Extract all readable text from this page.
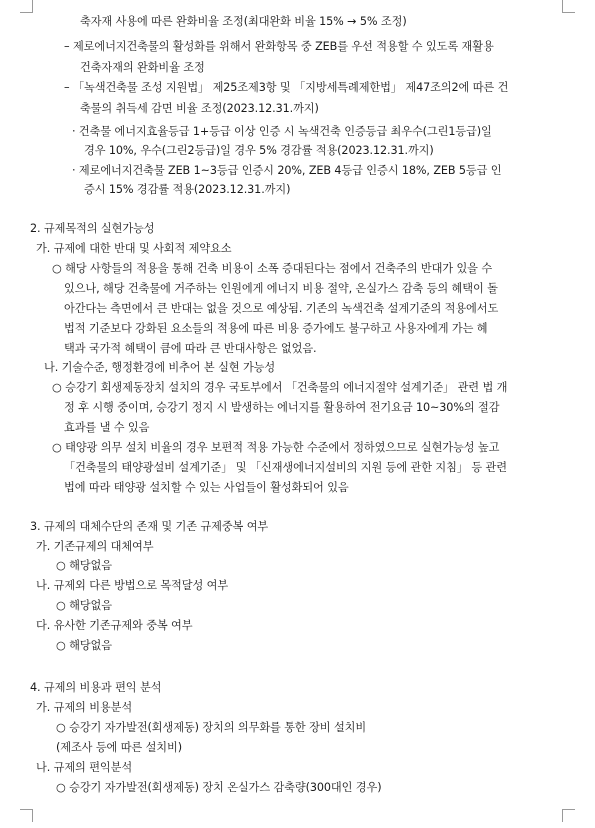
축자재 사용에 따른 완화비율 조정(최대완화 비율 15% → 5% 조정)
– 제로에너지건축물의 활성화를 위해서 완화항목 중 ZEB를 우선 적용할 수 있도록 재활용
건축자재의 완화비율 조정
– 「녹색건축물 조성 지원법」 제25조제3항 및 「지방세특례제한법」 제47조의2에 따른 건
축물의 취득세 감면 비율 조정(2023.12.31.까지)
· 건축물 에너지효율등급 1+등급 이상 인증 시 녹색건축 인증등급 최우수(그린1등급)일
경우 10%, 우수(그린2등급)일 경우 5% 경감률 적용(2023.12.31.까지)
· 제로에너지건축물 ZEB 1~3등급 인증시 20%, ZEB 4등급 인증시 18%, ZEB 5등급 인
증시 15% 경감률 적용(2023.12.31.까지)
2. 규제목적의 실현가능성
가. 규제에 대한 반대 및 사회적 제약요소
○ 해당 사항들의 적용을 통해 건축 비용이 소폭 증대된다는 점에서 건축주의 반대가 있을 수
있으나, 해당 건축물에 거주하는 인원에게 에너지 비용 절약, 온실가스 감축 등의 혜택이 돌
아간다는 측면에서 큰 반대는 없을 것으로 예상됨. 기존의 녹색건축 설계기준의 적용에서도
법적 기준보다 강화된 요소들의 적용에 따른 비용 증가에도 불구하고 사용자에게 가는 혜
택과 국가적 혜택이 큼에 따라 큰 반대사항은 없었음.
나. 기술수준, 행정환경에 비추어 본 실현 가능성
○ 승강기 회생제동장치 설치의 경우 국토부에서 「건축물의 에너지절약 설계기준」 관련 법 개
정 후 시행 중이며, 승강기 정지 시 발생하는 에너지를 활용하여 전기요금 10~30%의 절감
효과를 낼 수 있음
○ 태양광 의무 설치 비율의 경우 보편적 적용 가능한 수준에서 정하였으므로 실현가능성 높고
「건축물의 태양광설비 설계기준」 및 「신재생에너지설비의 지원 등에 관한 지침」 등 관련
법에 따라 태양광 설치할 수 있는 사업들이 활성화되어 있음
3. 규제의 대체수단의 존재 및 기존 규제중복 여부
가. 기존규제의 대체여부
○ 해당없음
나. 규제외 다른 방법으로 목적달성 여부
○ 해당없음
다. 유사한 기존규제와 중복 여부
○ 해당없음
4. 규제의 비용과 편익 분석
가. 규제의 비용분석
○ 승강기 자가발전(회생제동) 장치의 의무화를 통한 장비 설치비
(제조사 등에 따른 설치비)
나. 규제의 편익분석
○ 승강기 자가발전(회생제동) 장치 온실가스 감축량(300대인 경우)
